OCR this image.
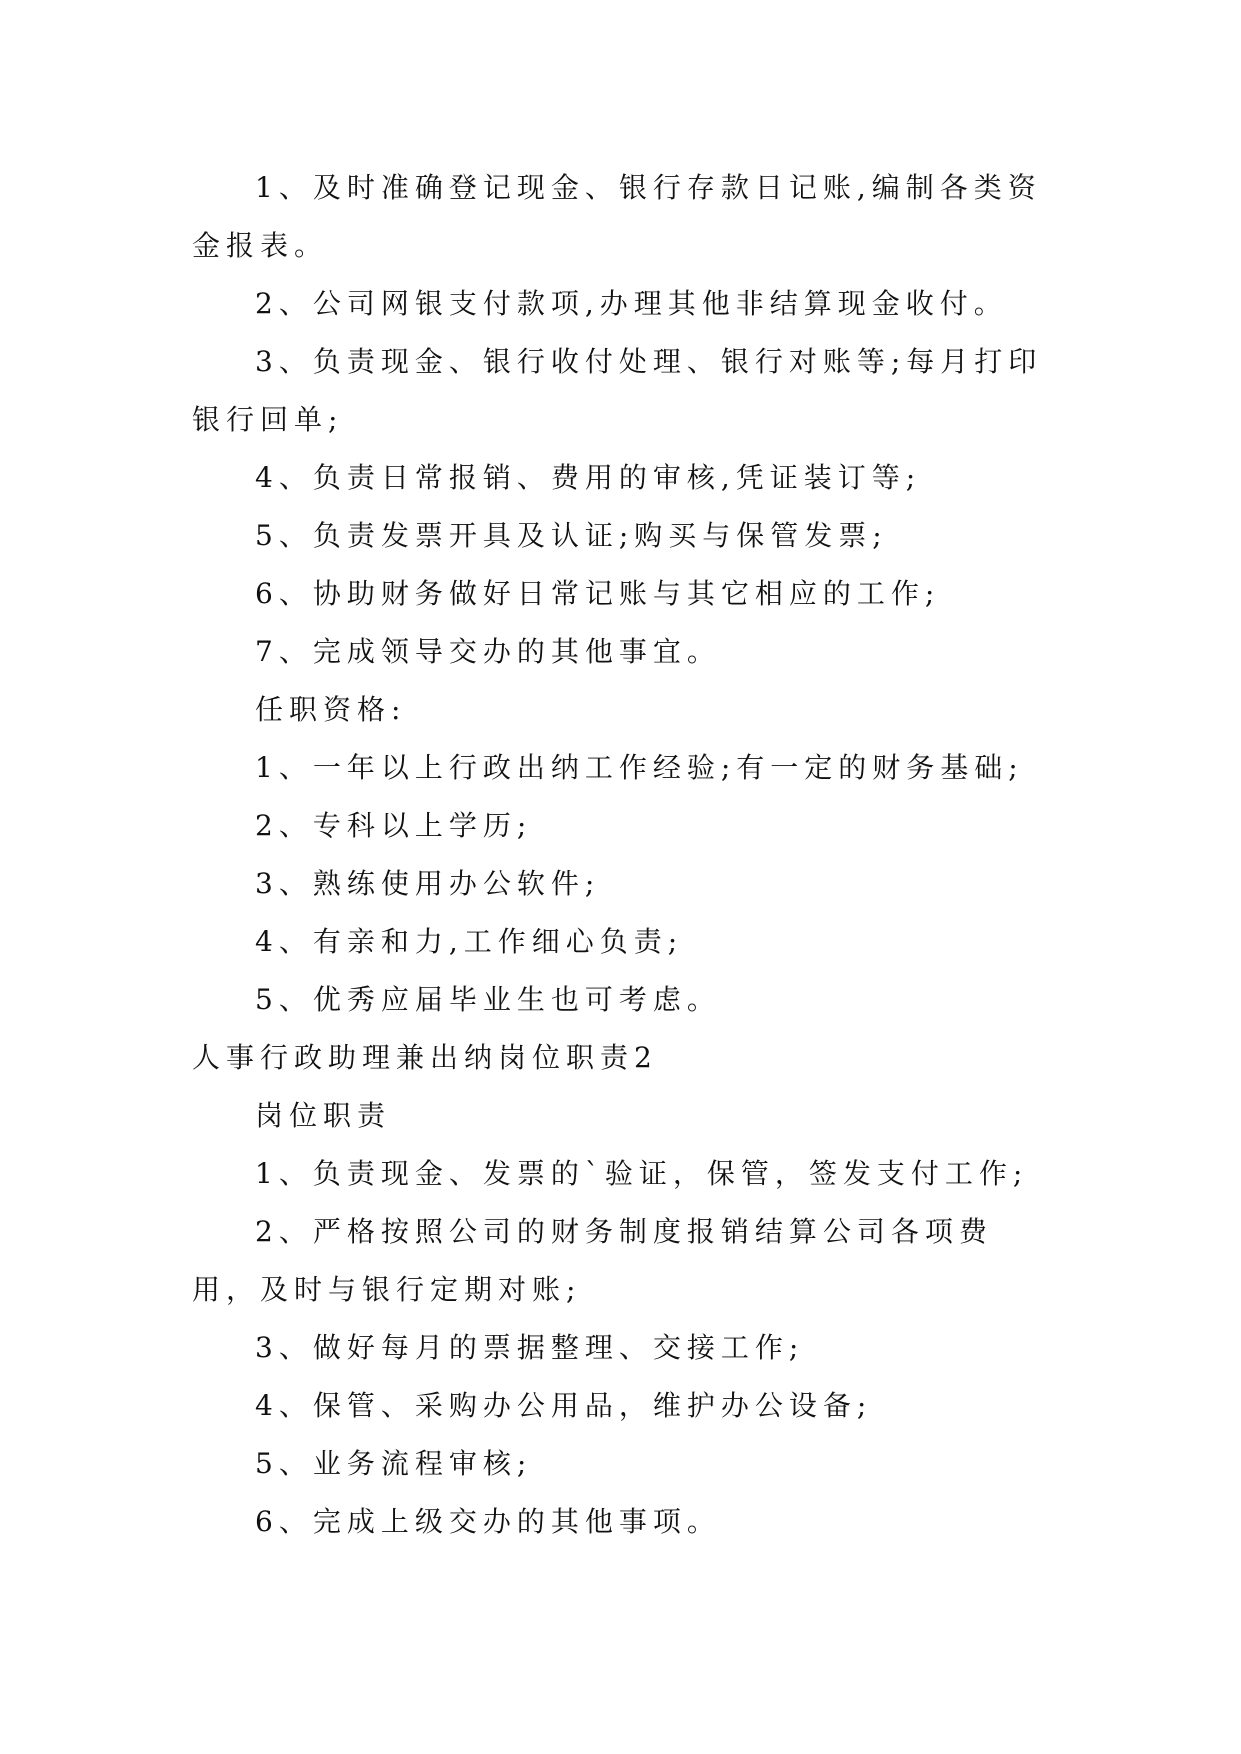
1、及时准确登记现金、银行存款日记账,编制各类资金报表。

2、公司网银支付款项,办理其他非结算现金收付。

3、负责现金、银行收付处理、银行对账等;每月打印银行回单;

4、负责日常报销、费用的审核,凭证装订等;

5、负责发票开具及认证;购买与保管发票;

6、协助财务做好日常记账与其它相应的工作;

7、完成领导交办的其他事宜。

任职资格:

1、一年以上行政出纳工作经验;有一定的财务基础;

2、专科以上学历;

3、熟练使用办公软件;

4、有亲和力,工作细心负责;

5、优秀应届毕业生也可考虑。

人事行政助理兼出纳岗位职责2

岗位职责

1、负责现金、发票的`验证，保管，签发支付工作;

2、严格按照公司的财务制度报销结算公司各项费用，及时与银行定期对账;

3、做好每月的票据整理、交接工作;

4、保管、采购办公用品，维护办公设备;

5、业务流程审核;

6、完成上级交办的其他事项。
